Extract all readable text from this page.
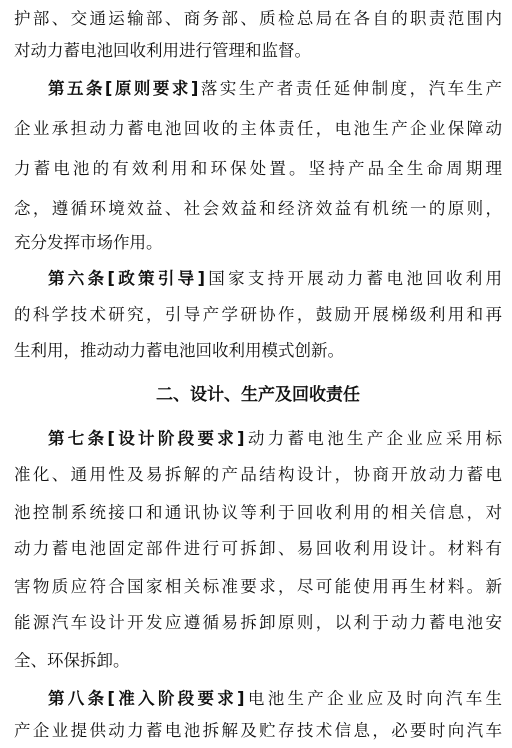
护部、交通运输部、商务部、质检总局在各自的职责范围内
对动力蓄电池回收利用进行管理和监督。
第五条[原则要求]落实生产者责任延伸制度，汽车生产
企业承担动力蓄电池回收的主体责任，电池生产企业保障动
力蓄电池的有效利用和环保处置。坚持产品全生命周期理
念，遵循环境效益、社会效益和经济效益有机统一的原则，
充分发挥市场作用。
第六条[政策引导]国家支持开展动力蓄电池回收利用
的科学技术研究，引导产学研协作，鼓励开展梯级利用和再
生利用，推动动力蓄电池回收利用模式创新。
二、设计、生产及回收责任
第七条[设计阶段要求]动力蓄电池生产企业应采用标
准化、通用性及易拆解的产品结构设计，协商开放动力蓄电
池控制系统接口和通讯协议等利于回收利用的相关信息，对
动力蓄电池固定部件进行可拆卸、易回收利用设计。材料有
害物质应符合国家相关标准要求，尽可能使用再生材料。新
能源汽车设计开发应遵循易拆卸原则，以利于动力蓄电池安
全、环保拆卸。
第八条[准入阶段要求]电池生产企业应及时向汽车生
产企业提供动力蓄电池拆解及贮存技术信息，必要时向汽车
